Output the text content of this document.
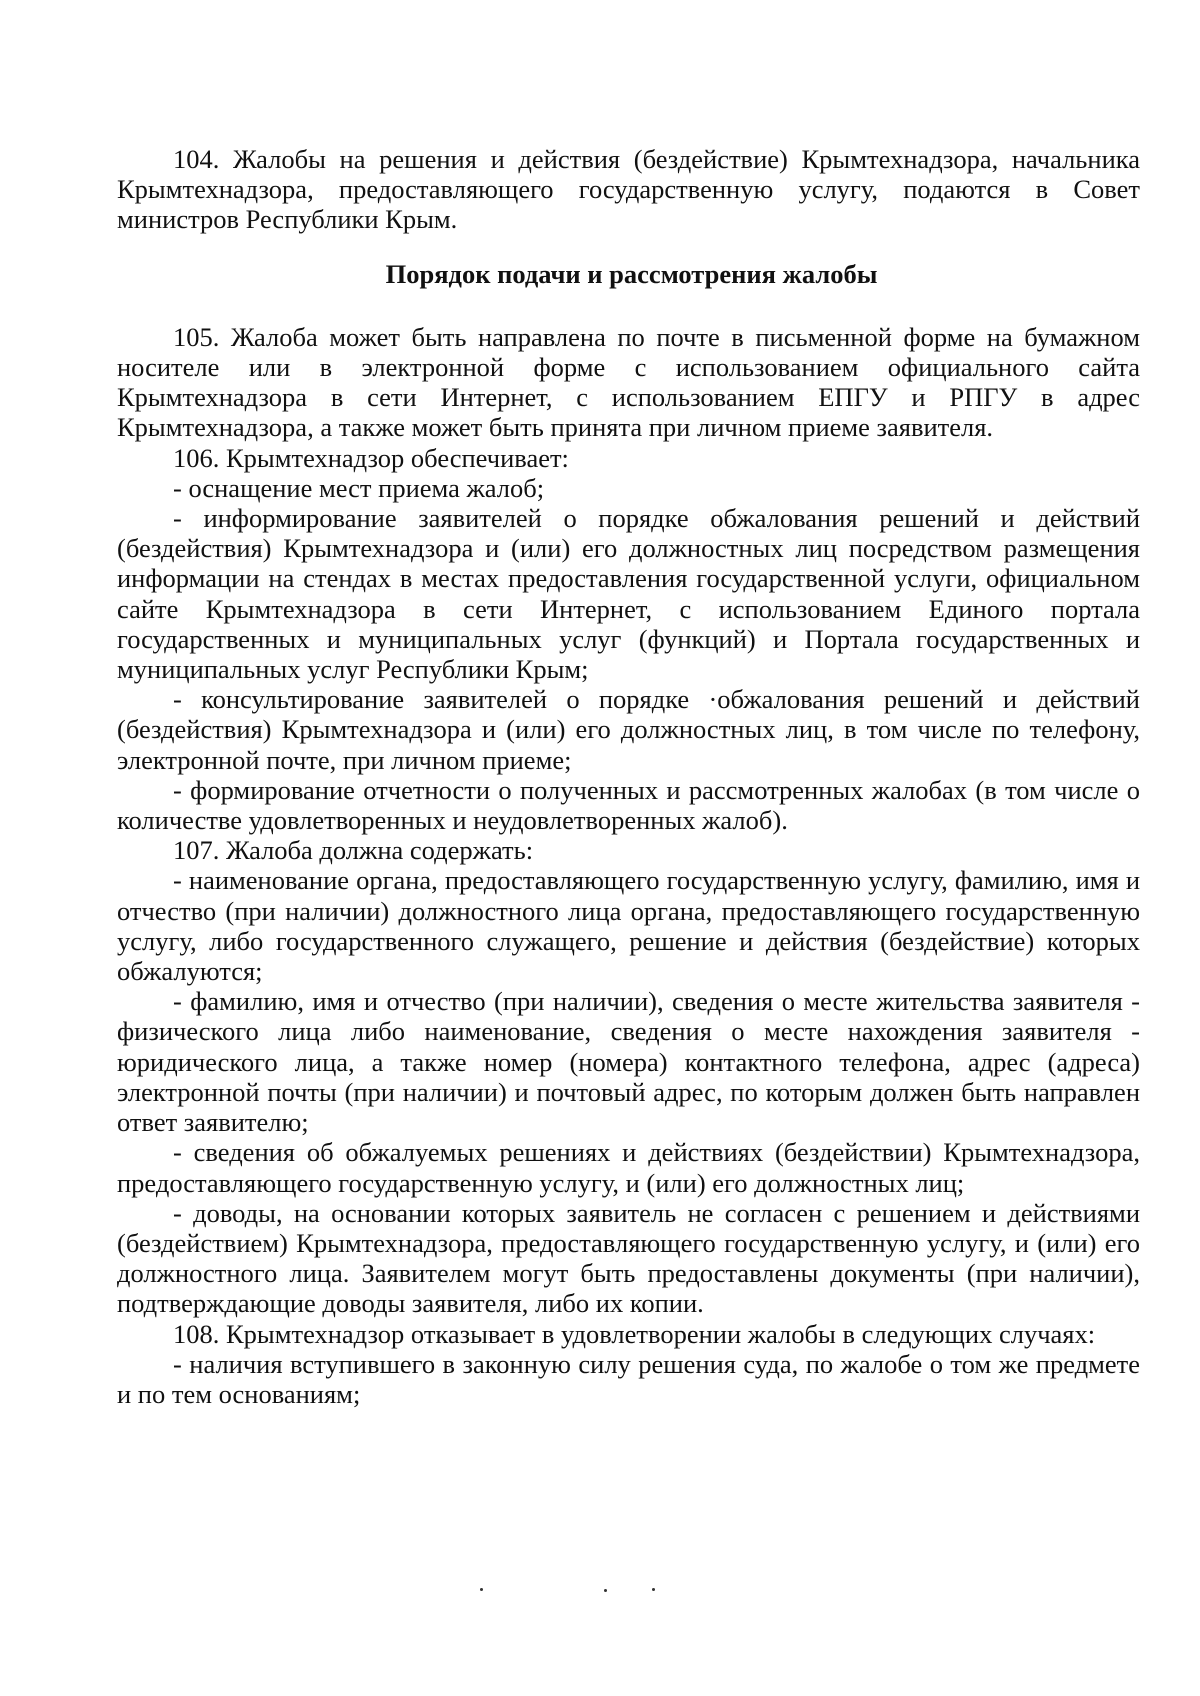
104. Жалобы на решения и действия (бездействие) Крымтехнадзора, начальника Крымтехнадзора, предоставляющего государственную услугу, подаются в Совет министров Республики Крым.

Порядок подачи и рассмотрения жалобы

105. Жалоба может быть направлена по почте в письменной форме на бумажном носителе или в электронной форме с использованием официального сайта Крымтехнадзора в сети Интернет, с использованием ЕПГУ и РПГУ в адрес Крымтехнадзора, а также может быть принята при личном приеме заявителя.

106. Крымтехнадзор обеспечивает:

- оснащение мест приема жалоб;

- информирование заявителей о порядке обжалования решений и действий (бездействия) Крымтехнадзора и (или) его должностных лиц посредством размещения информации на стендах в местах предоставления государственной услуги, официальном сайте Крымтехнадзора в сети Интернет, с использованием Единого портала государственных и муниципальных услуг (функций) и Портала государственных и муниципальных услуг Республики Крым;

- консультирование заявителей о порядке ·обжалования решений и действий (бездействия) Крымтехнадзора и (или) его должностных лиц, в том числе по телефону, электронной почте, при личном приеме;

- формирование отчетности о полученных и рассмотренных жалобах (в том числе о количестве удовлетворенных и неудовлетворенных жалоб).

107. Жалоба должна содержать:

- наименование органа, предоставляющего государственную услугу, фамилию, имя и отчество (при наличии) должностного лица органа, предоставляющего государственную услугу, либо государственного служащего, решение и действия (бездействие) которых обжалуются;

- фамилию, имя и отчество (при наличии), сведения о месте жительства заявителя - физического лица либо наименование, сведения о месте нахождения заявителя - юридического лица, а также номер (номера) контактного телефона, адрес (адреса) электронной почты (при наличии) и почтовый адрес, по которым должен быть направлен ответ заявителю;

- сведения об обжалуемых решениях и действиях (бездействии) Крымтехнадзора, предоставляющего государственную услугу, и (или) его должностных лиц;

- доводы, на основании которых заявитель не согласен с решением и действиями (бездействием) Крымтехнадзора, предоставляющего государственную услугу, и (или) его должностного лица. Заявителем могут быть предоставлены документы (при наличии), подтверждающие доводы заявителя, либо их копии.

108. Крымтехнадзор отказывает в удовлетворении жалобы в следующих случаях:

- наличия вступившего в законную силу решения суда, по жалобе о том же предмете и по тем основаниям;
